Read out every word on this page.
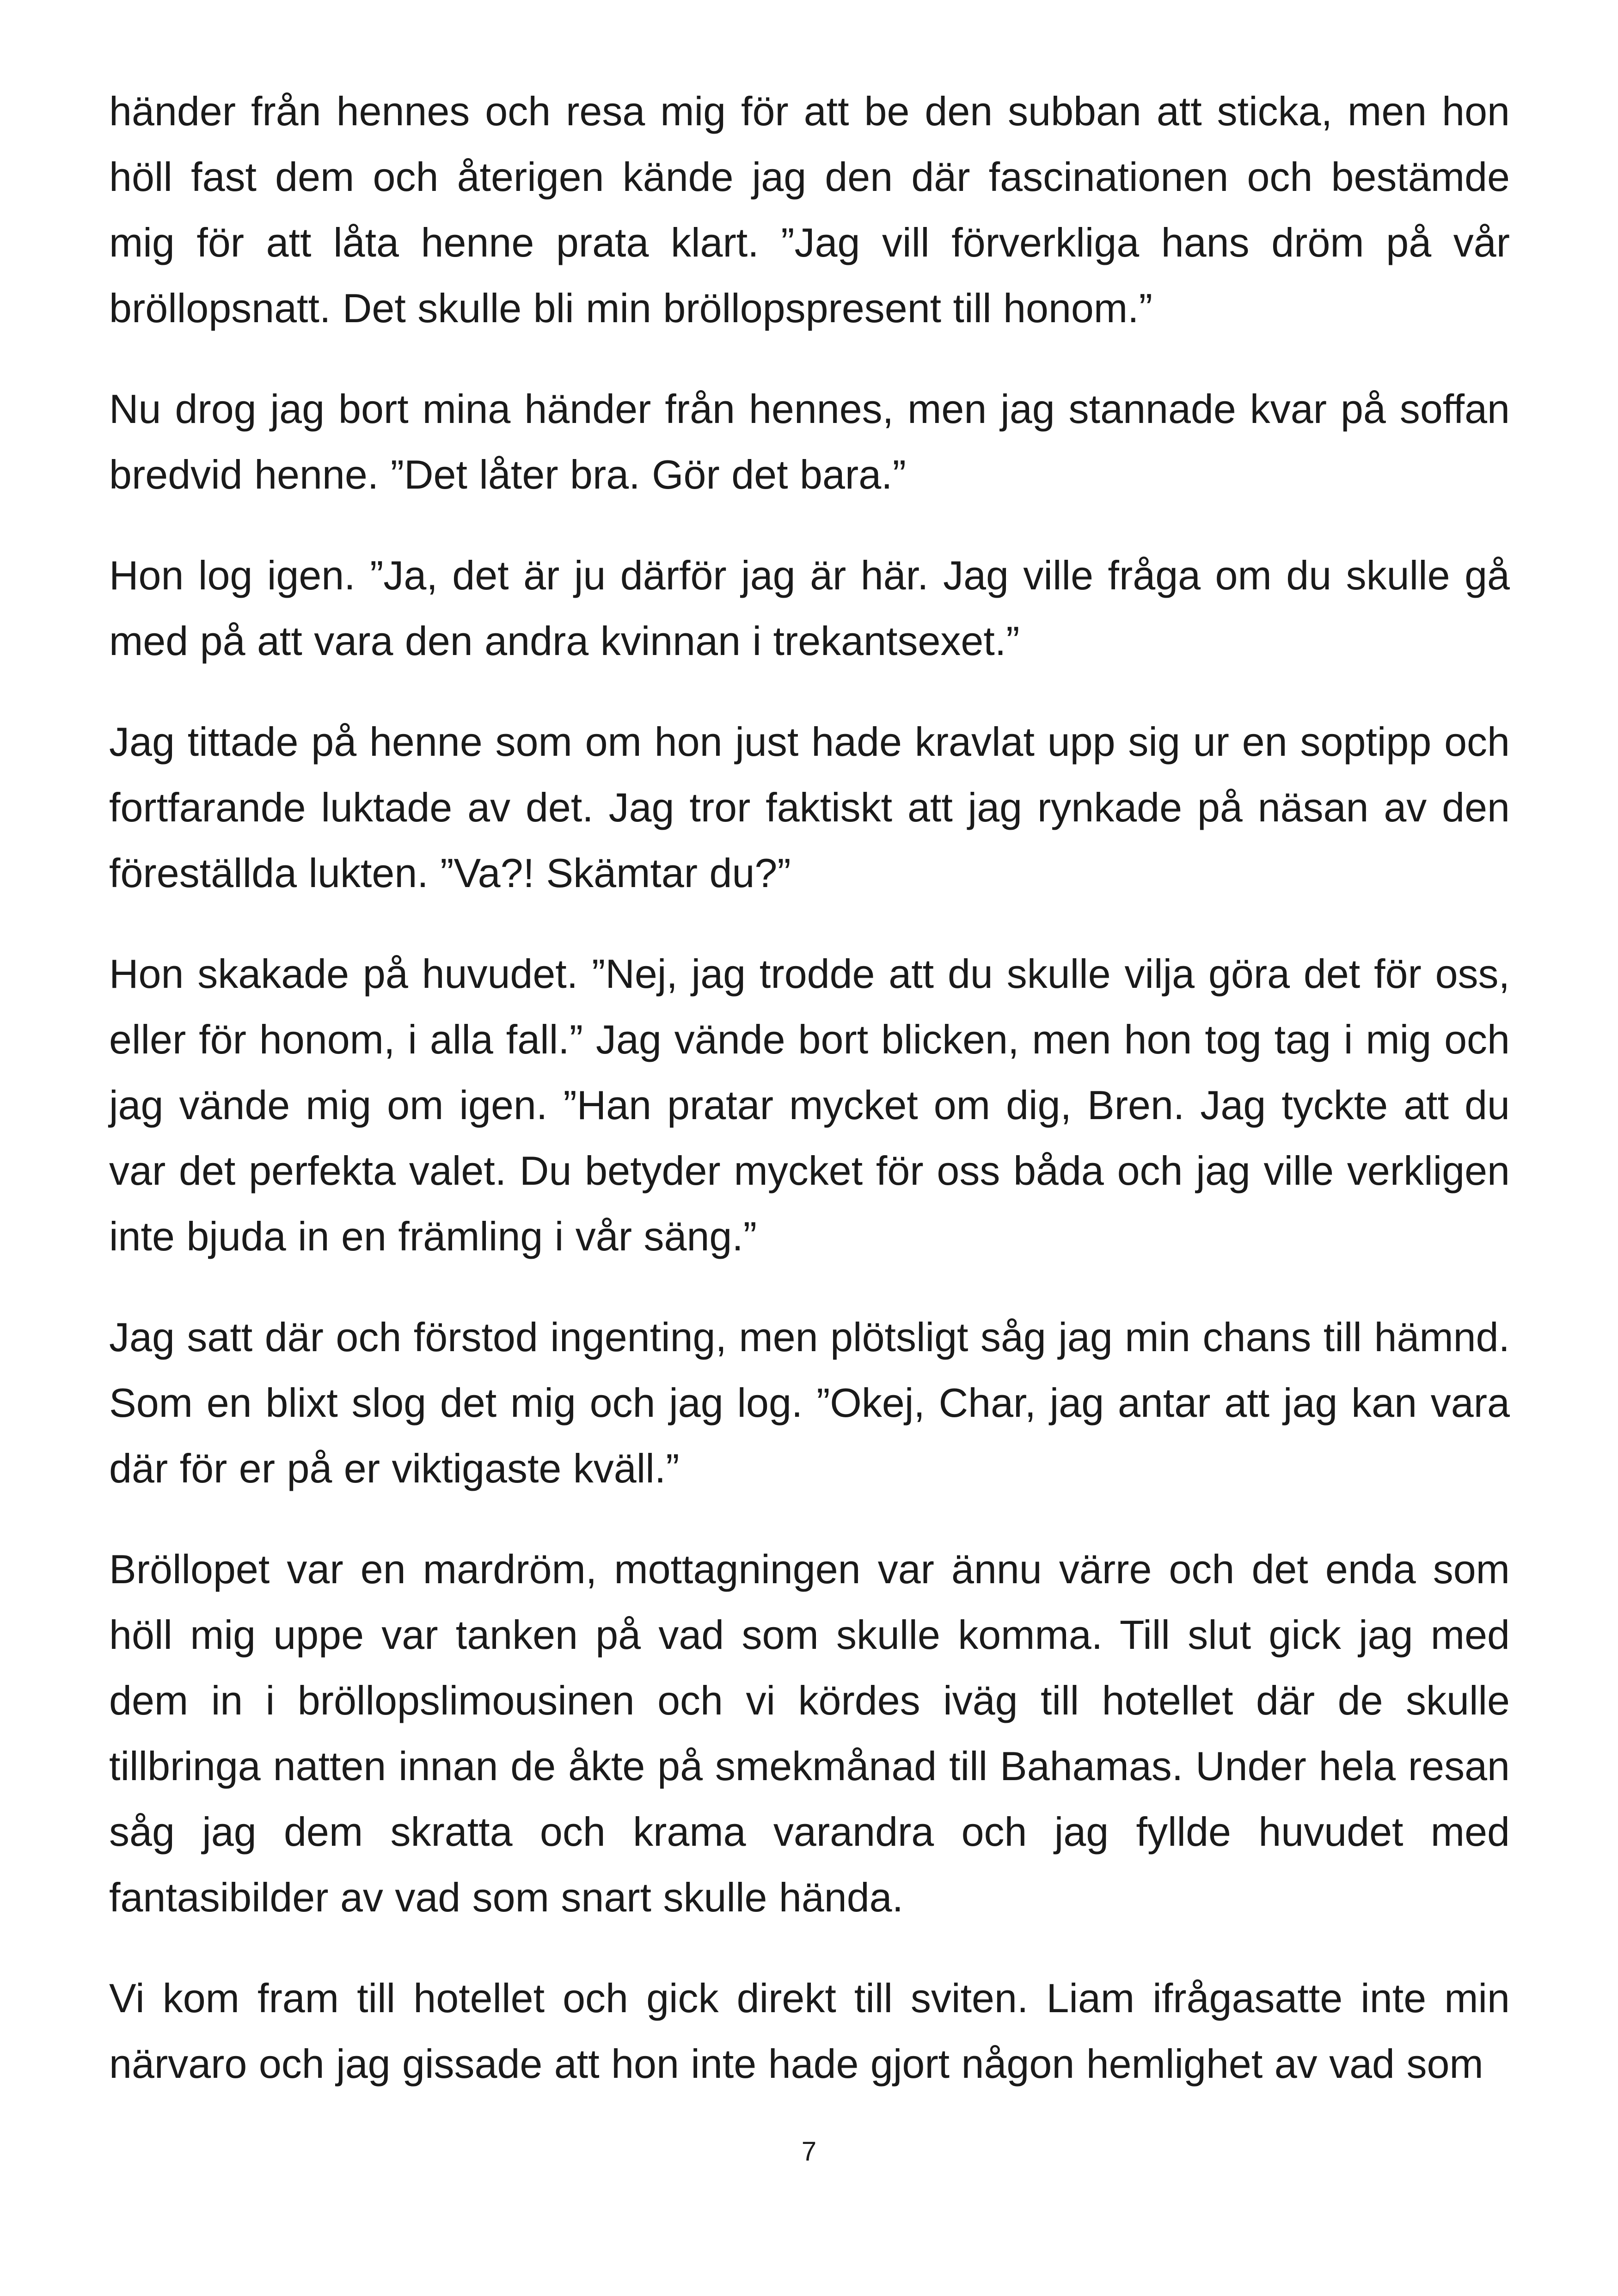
händer från hennes och resa mig för att be den subban att sticka, men hon höll fast dem och återigen kände jag den där fascinationen och bestämde mig för att låta henne prata klart. ”Jag vill förverkliga hans dröm på vår bröllopsnatt. Det skulle bli min bröllopspresent till honom.”

Nu drog jag bort mina händer från hennes, men jag stannade kvar på soffan bredvid henne. ”Det låter bra. Gör det bara.”

Hon log igen. ”Ja, det är ju därför jag är här. Jag ville fråga om du skulle gå med på att vara den andra kvinnan i trekantsexet.”

Jag tittade på henne som om hon just hade kravlat upp sig ur en soptipp och fortfarande luktade av det. Jag tror faktiskt att jag rynkade på näsan av den föreställda lukten. ”Va?! Skämtar du?”

Hon skakade på huvudet. ”Nej, jag trodde att du skulle vilja göra det för oss, eller för honom, i alla fall.” Jag vände bort blicken, men hon tog tag i mig och jag vände mig om igen. ”Han pratar mycket om dig, Bren. Jag tyckte att du var det perfekta valet. Du betyder mycket för oss båda och jag ville verkligen inte bjuda in en främling i vår säng.”

Jag satt där och förstod ingenting, men plötsligt såg jag min chans till hämnd. Som en blixt slog det mig och jag log. ”Okej, Char, jag antar att jag kan vara där för er på er viktigaste kväll.”

Bröllopet var en mardröm, mottagningen var ännu värre och det enda som höll mig uppe var tanken på vad som skulle komma. Till slut gick jag med dem in i bröllopslimousinen och vi kördes iväg till hotellet där de skulle tillbringa natten innan de åkte på smekmånad till Bahamas. Under hela resan såg jag dem skratta och krama varandra och jag fyllde huvudet med fantasibilder av vad som snart skulle hända.

Vi kom fram till hotellet och gick direkt till sviten. Liam ifrågasatte inte min närvaro och jag gissade att hon inte hade gjort någon hemlighet av vad som

7
